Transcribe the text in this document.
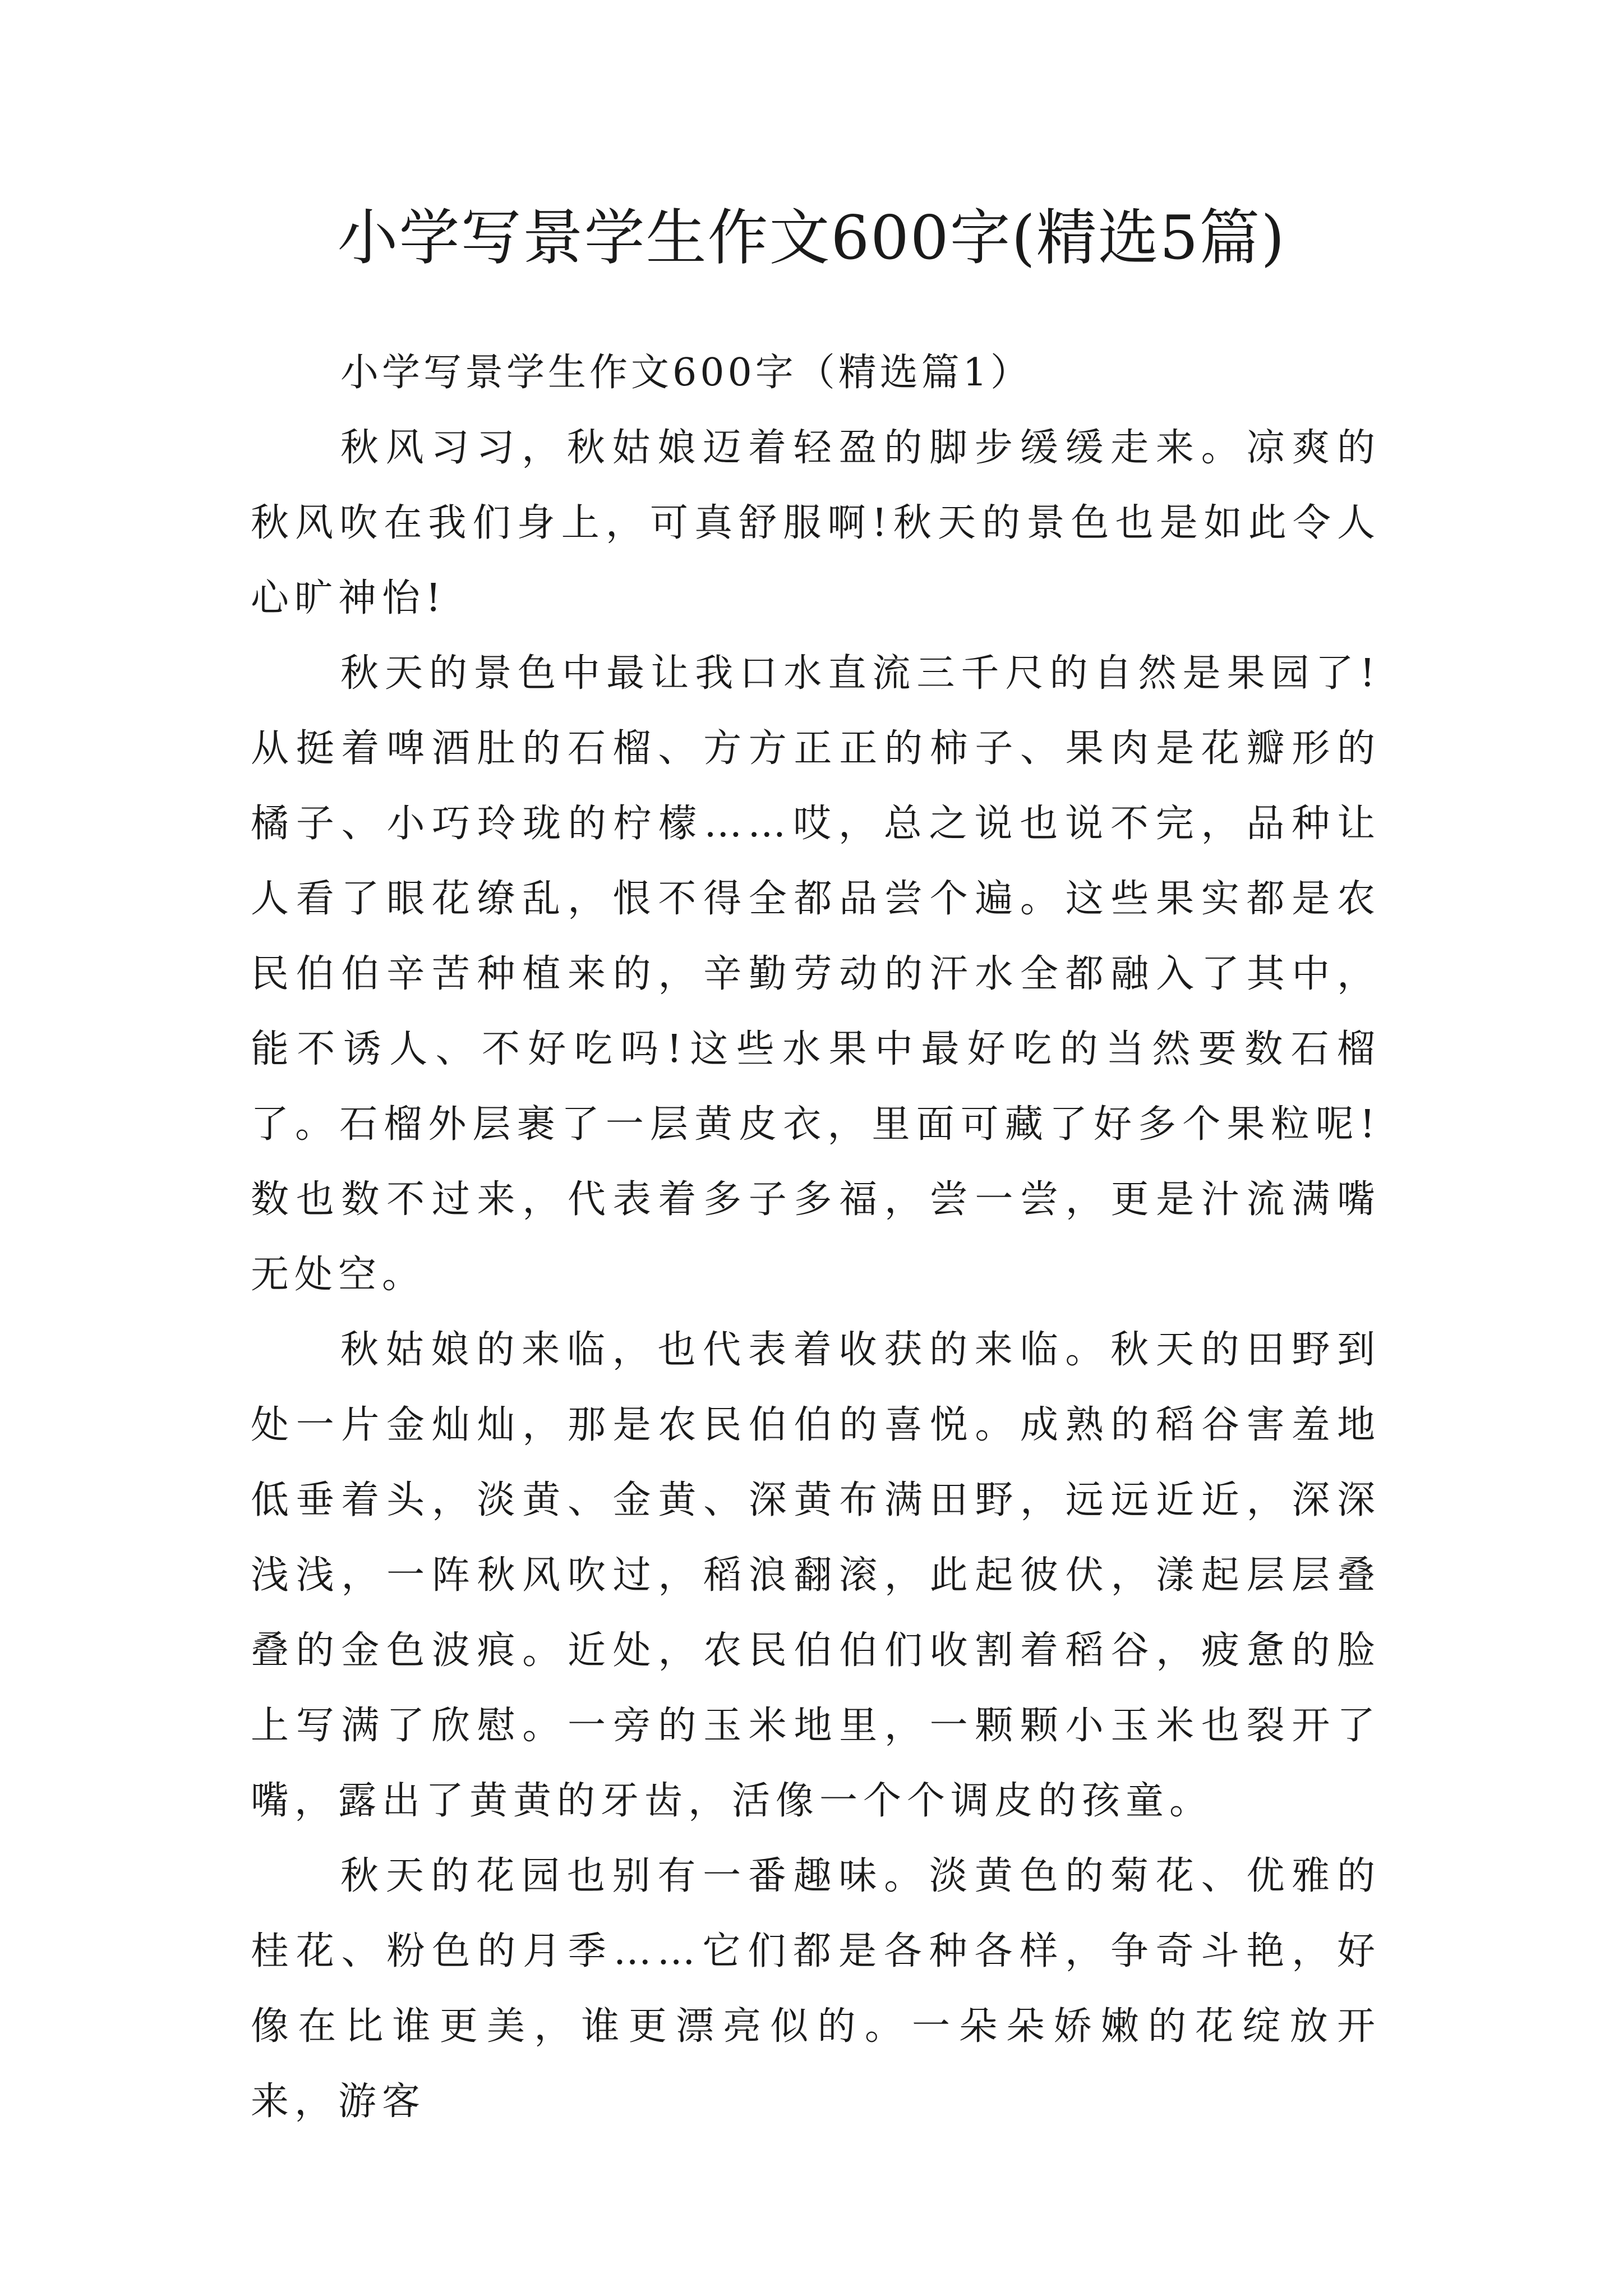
小学写景学生作文600字(精选5篇)

小学写景学生作文600字（精选篇1）

秋风习习，秋姑娘迈着轻盈的脚步缓缓走来。凉爽的秋风吹在我们身上，可真舒服啊!秋天的景色也是如此令人心旷神怡!

秋天的景色中最让我口水直流三千尺的自然是果园了!从挺着啤酒肚的石榴、方方正正的柿子、果肉是花瓣形的橘子、小巧玲珑的柠檬……哎，总之说也说不完，品种让人看了眼花缭乱，恨不得全都品尝个遍。这些果实都是农民伯伯辛苦种植来的，辛勤劳动的汗水全都融入了其中，能不诱人、不好吃吗!这些水果中最好吃的当然要数石榴了。石榴外层裹了一层黄皮衣，里面可藏了好多个果粒呢!数也数不过来，代表着多子多福，尝一尝，更是汁流满嘴无处空。

秋姑娘的来临，也代表着收获的来临。秋天的田野到处一片金灿灿，那是农民伯伯的喜悦。成熟的稻谷害羞地低垂着头，淡黄、金黄、深黄布满田野，远远近近，深深浅浅，一阵秋风吹过，稻浪翻滚，此起彼伏，漾起层层叠叠的金色波痕。近处，农民伯伯们收割着稻谷，疲惫的脸上写满了欣慰。一旁的玉米地里，一颗颗小玉米也裂开了嘴，露出了黄黄的牙齿，活像一个个调皮的孩童。

秋天的花园也别有一番趣味。淡黄色的菊花、优雅的桂花、粉色的月季……它们都是各种各样，争奇斗艳，好像在比谁更美，谁更漂亮似的。一朵朵娇嫩的花绽放开来，游客
